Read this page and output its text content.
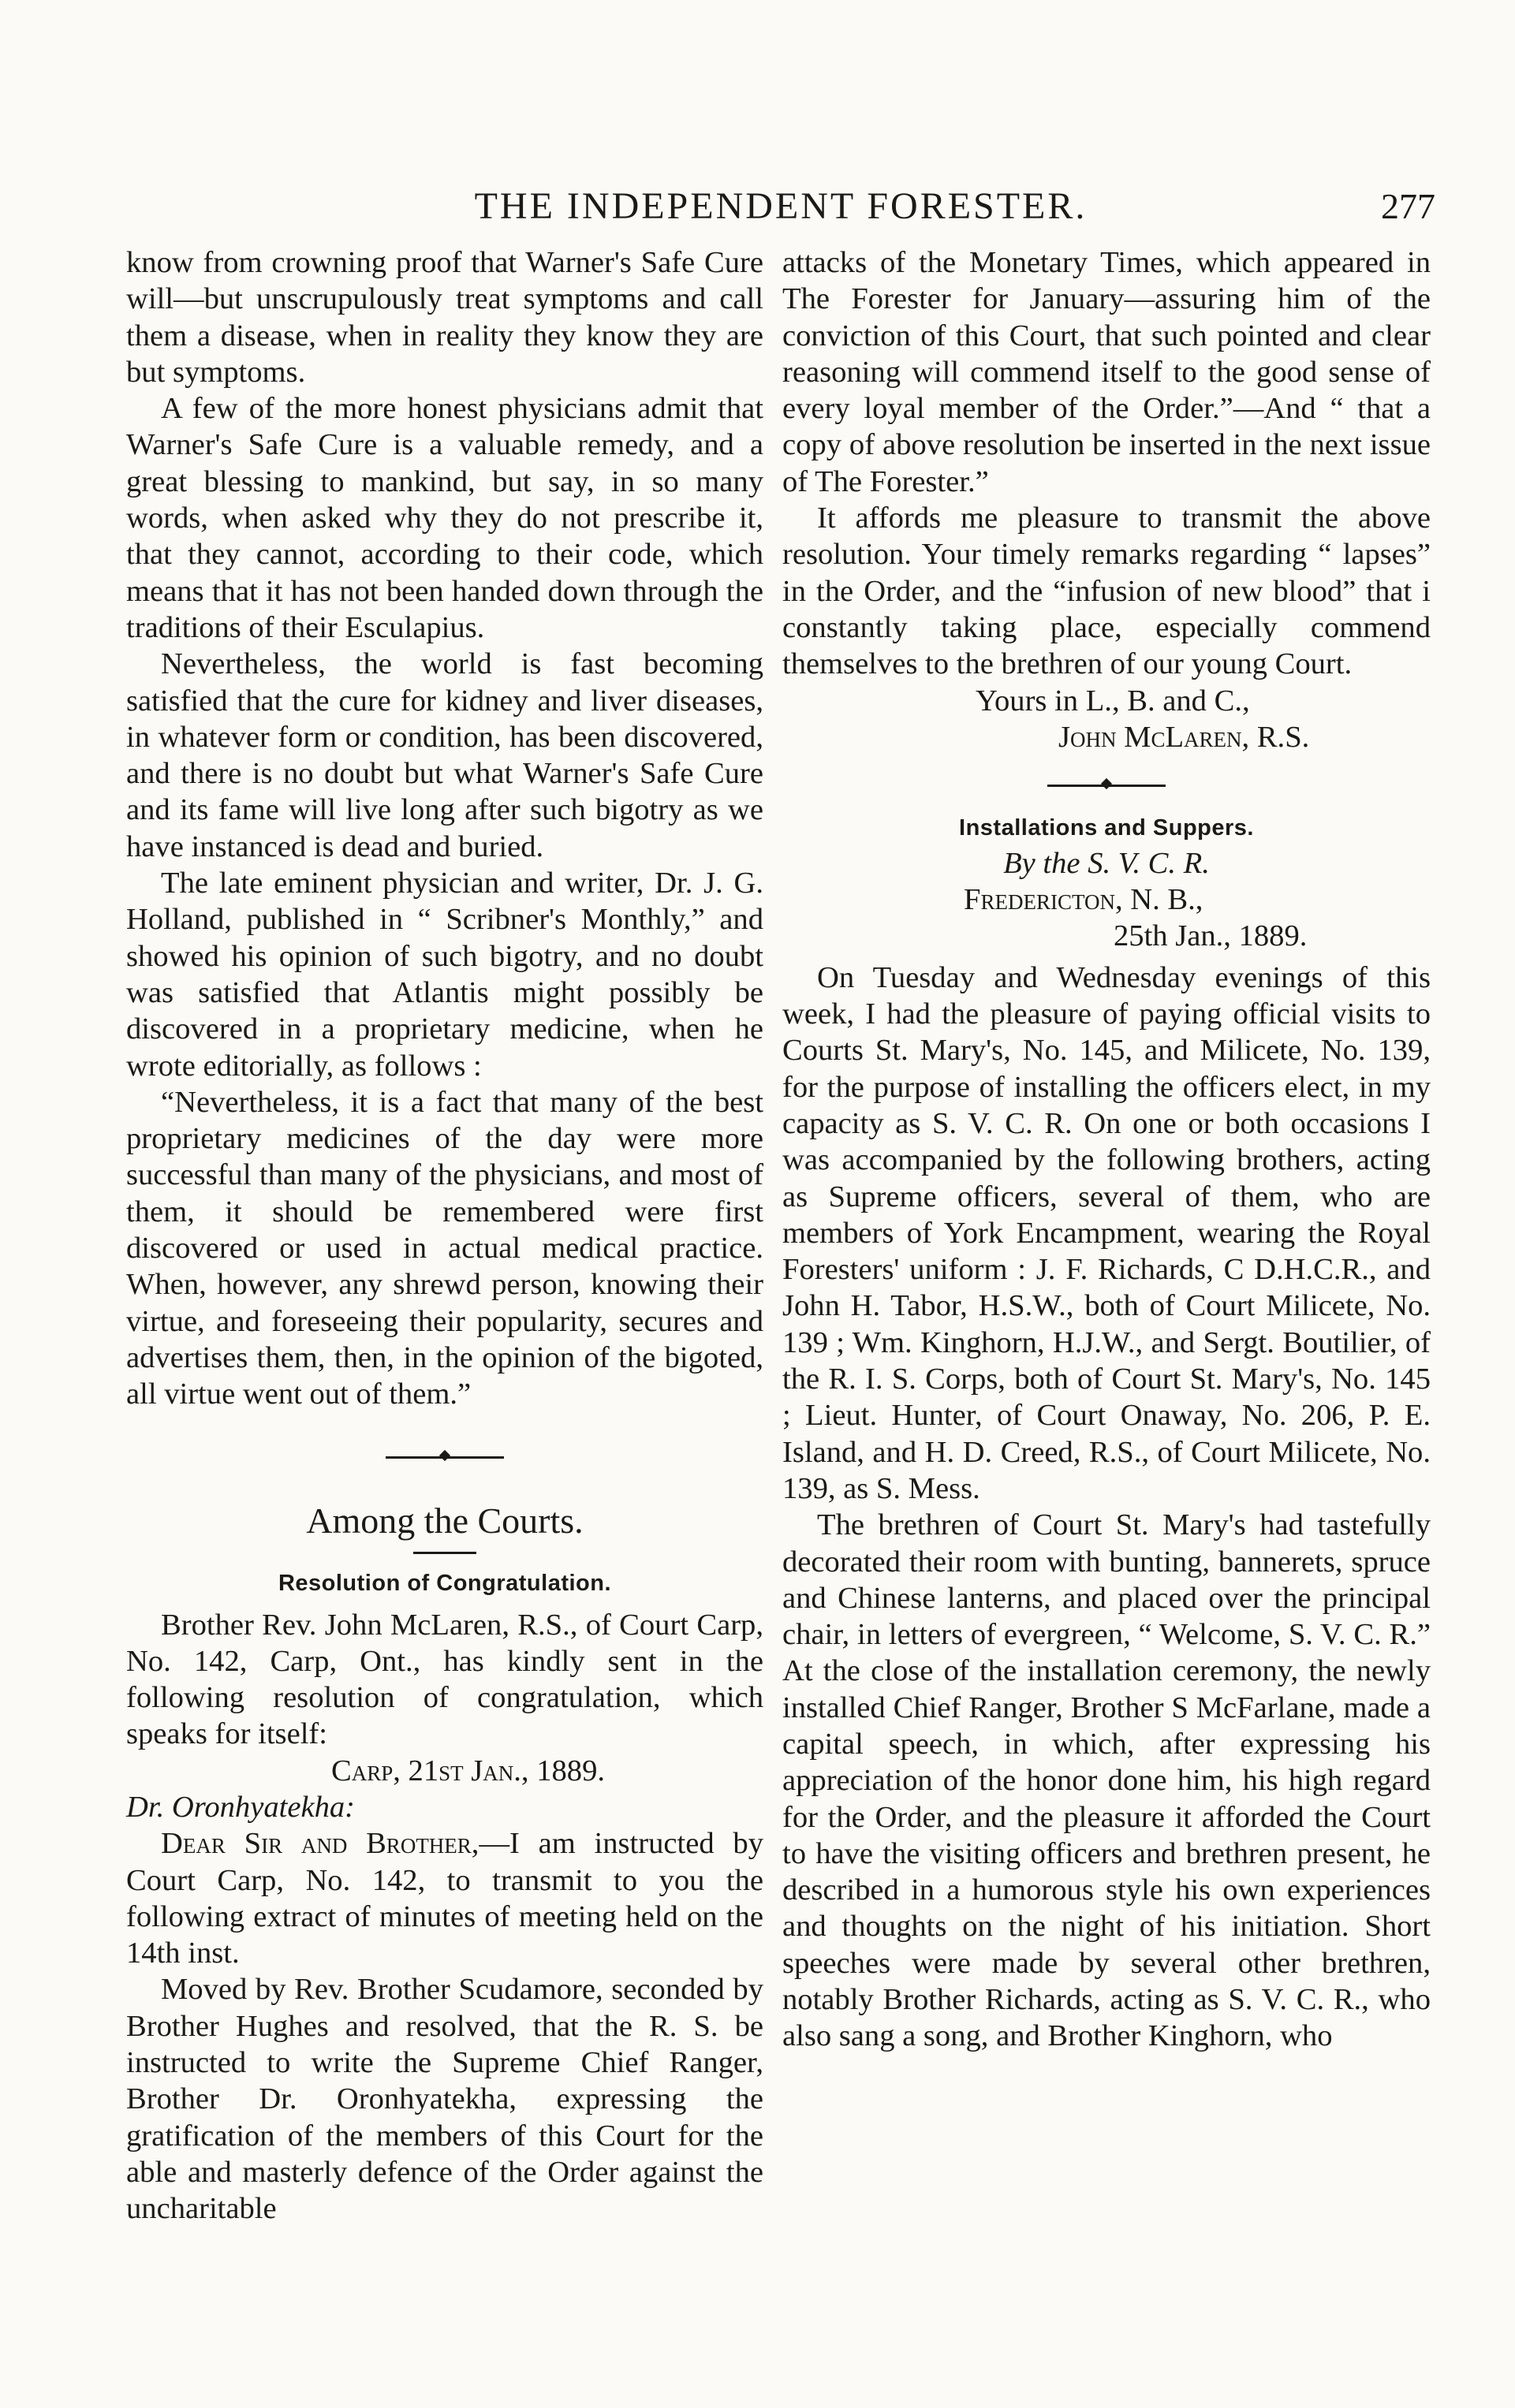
THE INDEPENDENT FORESTER.	277

know from crowning proof that Warner's Safe Cure will—but unscrupulously treat symptoms and call them a disease, when in reality they know they are but symptoms.

A few of the more honest physicians admit that Warner's Safe Cure is a valuable remedy, and a great blessing to mankind, but say, in so many words, when asked why they do not prescribe it, that they cannot, according to their code, which means that it has not been handed down through the traditions of their Esculapius.

Nevertheless, the world is fast becoming satisfied that the cure for kidney and liver diseases, in whatever form or condition, has been discovered, and there is no doubt but what Warner's Safe Cure and its fame will live long after such bigotry as we have instanced is dead and buried.

The late eminent physician and writer, Dr. J. G. Holland, published in “ Scribner's Monthly,” and showed his opinion of such bigotry, and no doubt was satisfied that Atlantis might possibly be discovered in a proprietary medicine, when he wrote editorially, as follows :

“Nevertheless, it is a fact that many of the best proprietary medicines of the day were more successful than many of the physicians, and most of them, it should be remembered were first discovered or used in actual medical practice. When, however, any shrewd person, knowing their virtue, and foreseeing their popularity, secures and advertises them, then, in the opinion of the bigoted, all virtue went out of them.”

Among the Courts.
Resolution of Congratulation.

Brother Rev. John McLaren, R.S., of Court Carp, No. 142, Carp, Ont., has kindly sent in the following resolution of congratulation, which speaks for itself:

Carp, 21st Jan., 1889.

Dr. Oronhyatekha:

Dear Sir and Brother,—I am instructed by Court Carp, No. 142, to transmit to you the following extract of minutes of meeting held on the 14th inst.

Moved by Rev. Brother Scudamore, seconded by Brother Hughes and resolved, that the R. S. be instructed to write the Supreme Chief Ranger, Brother Dr. Oronhyatekha, expressing the gratification of the members of this Court for the able and masterly defence of the Order against the uncharitable

attacks of the Monetary Times, which appeared in The Forester for January—assuring him of the conviction of this Court, that such pointed and clear reasoning will commend itself to the good sense of every loyal member of the Order.”—And “ that a copy of above resolution be inserted in the next issue of The Forester.”

It affords me pleasure to transmit the above resolution. Your timely remarks regarding “ lapses” in the Order, and the “infusion of new blood” that i constantly taking place, especially commend themselves to the brethren of our young Court.

Yours in L., B. and C.,

John McLaren, R.S.

Installations and Suppers.
By the S. V. C. R.

Fredericton, N. B.,

25th Jan., 1889.

On Tuesday and Wednesday evenings of this week, I had the pleasure of paying official visits to Courts St. Mary's, No. 145, and Milicete, No. 139, for the purpose of installing the officers elect, in my capacity as S. V. C. R. On one or both occasions I was accompanied by the following brothers, acting as Supreme officers, several of them, who are members of York Encampment, wearing the Royal Foresters' uniform : J. F. Richards, C D.H.C.R., and John H. Tabor, H.S.W., both of Court Milicete, No. 139 ; Wm. Kinghorn, H.J.W., and Sergt. Boutilier, of the R. I. S. Corps, both of Court St. Mary's, No. 145 ; Lieut. Hunter, of Court Onaway, No. 206, P. E. Island, and H. D. Creed, R.S., of Court Milicete, No. 139, as S. Mess.

The brethren of Court St. Mary's had tastefully decorated their room with bunting, bannerets, spruce and Chinese lanterns, and placed over the principal chair, in letters of evergreen, “ Welcome, S. V. C. R.” At the close of the installation ceremony, the newly installed Chief Ranger, Brother S McFarlane, made a capital speech, in which, after expressing his appreciation of the honor done him, his high regard for the Order, and the pleasure it afforded the Court to have the visiting officers and brethren present, he described in a humorous style his own experiences and thoughts on the night of his initiation. Short speeches were made by several other brethren, notably Brother Richards, acting as S. V. C. R., who also sang a song, and Brother Kinghorn, who
